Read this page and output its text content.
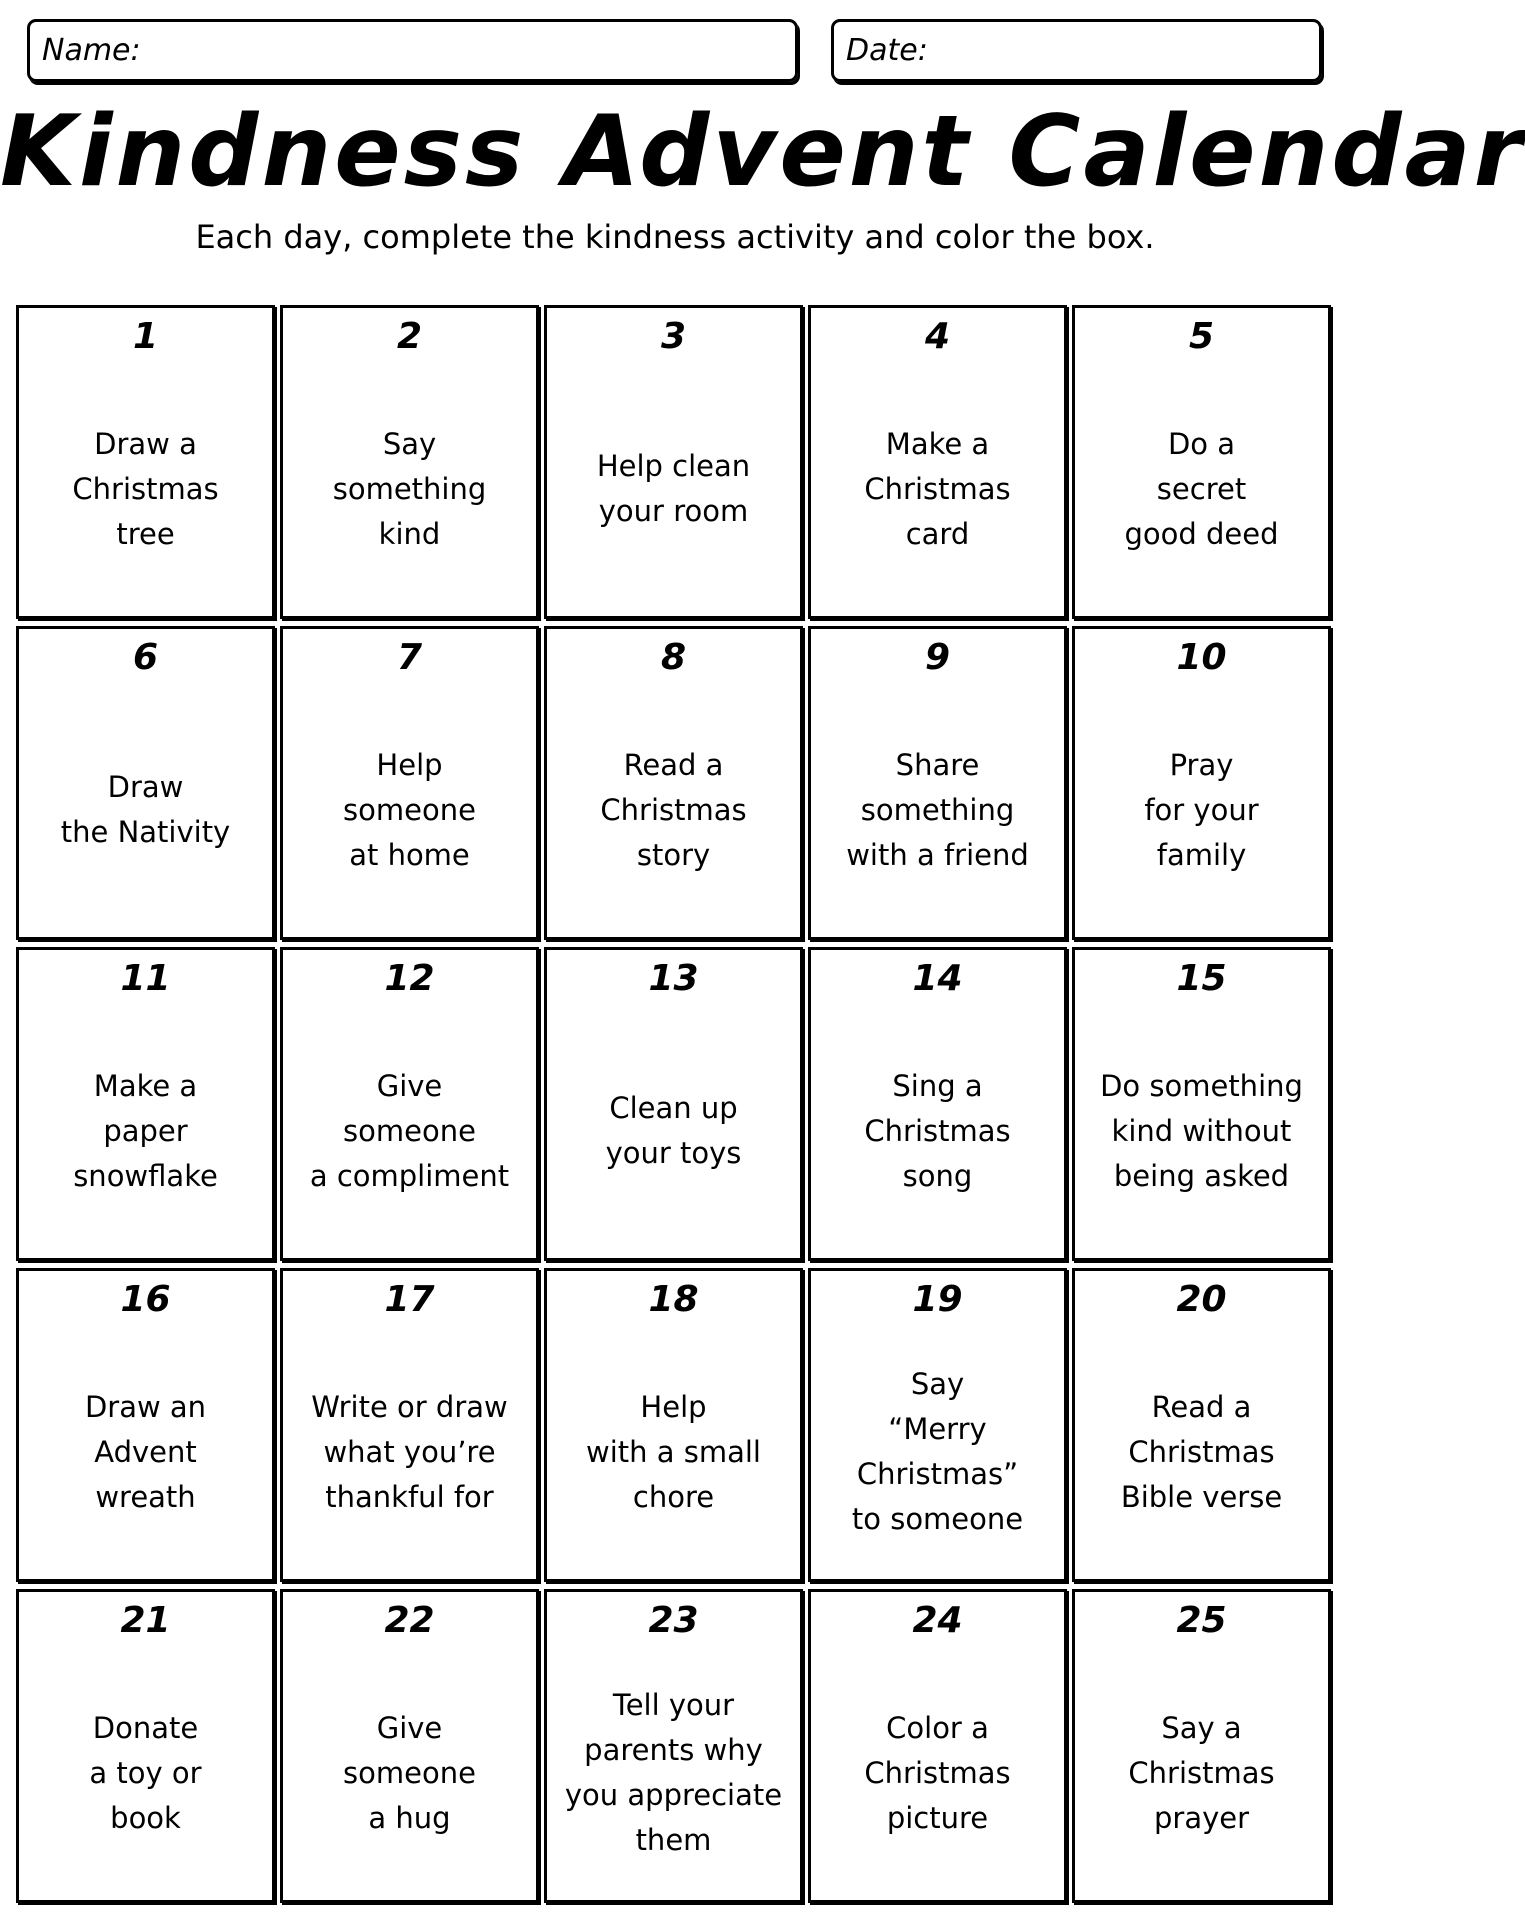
Name:	Date:
Kindness Advent Calendar
Each day, complete the kindness activity and color the box.
1
Draw a
Christmas
tree
2
Say
something
kind
3
Help clean
your room
4
Make a
Christmas
card
5
Do a
secret
good deed
6
Draw
the Nativity
7
Help
someone
at home
8
Read a
Christmas
story
9
Share
something
with a friend
10
Pray
for your
family
11
Make a
paper
snowflake
12
Give
someone
a compliment
13
Clean up
your toys
14
Sing a
Christmas
song
15
Do something
kind without
being asked
16
Draw an
Advent
wreath
17
Write or draw
what you’re
thankful for
18
Help
with a small
chore
19
Say
“Merry
Christmas”
to someone
20
Read a
Christmas
Bible verse
21
Donate
a toy or
book
22
Give
someone
a hug
23
Tell your
parents why
you appreciate
them
24
Color a
Christmas
picture
25
Say a
Christmas
prayer
